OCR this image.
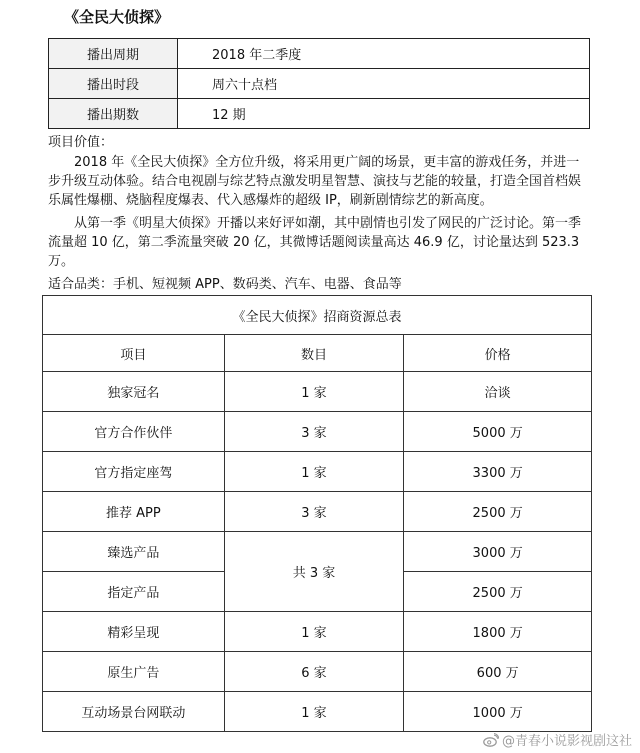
《全民大侦探》
播出周期	2018 年二季度
播出时段	周六十点档
播出期数	12 期
项目价值：
2018 年《全民大侦探》全方位升级，将采用更广阔的场景，更丰富的游戏任务，并进一步升级互动体验。结合电视剧与综艺特点激发明星智慧、演技与艺能的较量，打造全国首档娱乐属性爆棚、烧脑程度爆表、代入感爆炸的超级 IP，刷新剧情综艺的新高度。
从第一季《明星大侦探》开播以来好评如潮，其中剧情也引发了网民的广泛讨论。第一季流量超 10 亿，第二季流量突破 20 亿，其微博话题阅读量高达 46.9 亿，讨论量达到 523.3 万。
适合品类：手机、短视频 APP、数码类、汽车、电器、食品等
《全民大侦探》招商资源总表		
项目	数目	价格
独家冠名	1 家	洽谈
官方合作伙伴	3 家	5000 万
官方指定座驾	1 家	3300 万
推荐 APP	3 家	2500 万
臻选产品	共 3 家	3000 万
指定产品		2500 万
精彩呈现	1 家	1800 万
原生广告	6 家	600 万
互动场景台网联动	1 家	1000 万
@青春小说影视剧这社
